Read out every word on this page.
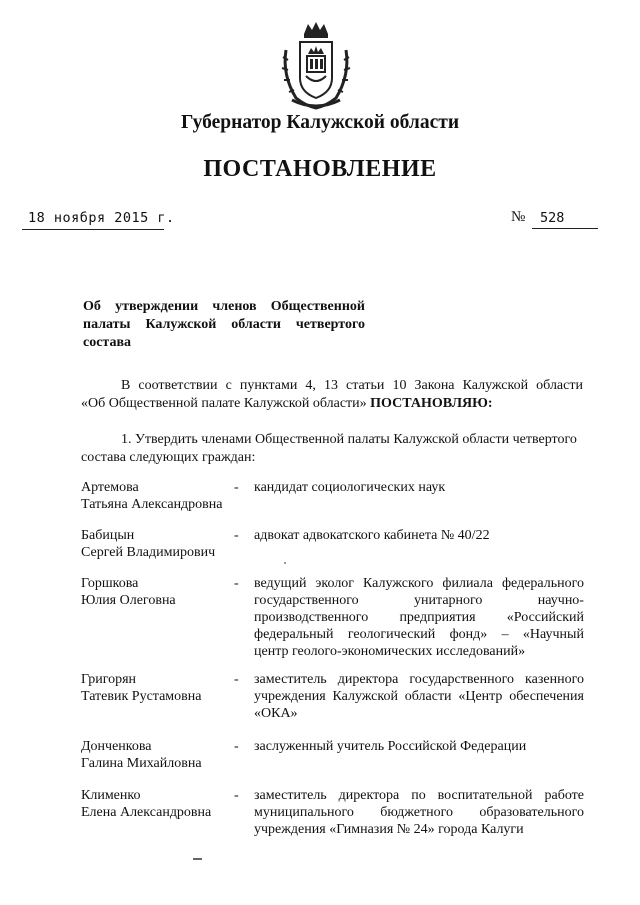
Губернатор Калужской области
ПОСТАНОВЛЕНИЕ
18 ноября 2015 г.	№ 528
Об утверждении членов Общественной
палаты Калужской области четвертого
состава
В соответствии с пунктами 4, 13 статьи 10 Закона Калужской области
«Об Общественной палате Калужской области» ПОСТАНОВЛЯЮ:
1. Утвердить членами Общественной палаты Калужской области четвертого
состава следующих граждан:
Артемова
Татьяна Александровна
- кандидат социологических наук
Бабицын
Сергей Владимирович
- адвокат адвокатского кабинета № 40/22
Горшкова
Юлия Олеговна
- ведущий эколог Калужского филиала федерального
государственного	унитарного	научно-
производственного предприятия «Российский
федеральный геологический фонд» – «Научный
центр геолого-экономических исследований»
Григорян
Татевик Рустамовна
- заместитель директора государственного казенного
учреждения Калужской области «Центр обеспечения
«ОКА»
Донченкова
Галина Михайловна
- заслуженный учитель Российской Федерации
Клименко
Елена Александровна
- заместитель директора по воспитательной работе
муниципального бюджетного образовательного
учреждения «Гимназия № 24» города Калуги
